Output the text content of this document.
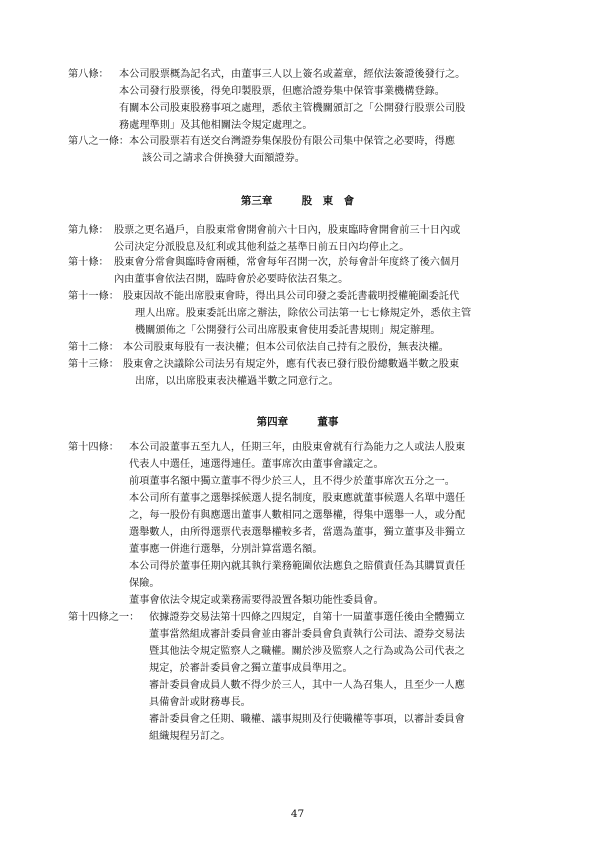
第八條： 本公司股票概為記名式，由董事三人以上簽名或蓋章，經依法簽證後發行之。
本公司發行股票後，得免印製股票，但應洽證券集中保管事業機構登錄。
有關本公司股東股務事項之處理，悉依主管機關頒訂之「公開發行股票公司股
務處理準則」及其他相關法令規定處理之。
第八之一條： 本公司股票若有送交台灣證券集保股份有限公司集中保管之必要時，得應
該公司之請求合併換發大面額證券。
第三章	股　東　會
第九條： 股票之更名過戶，自股東常會開會前六十日內，股東臨時會開會前三十日內或
公司決定分派股息及紅利或其他利益之基準日前五日內均停止之。
第十條： 股東會分常會與臨時會兩種，常會每年召開一次，於每會計年度終了後六個月
內由董事會依法召開，臨時會於必要時依法召集之。
第十一條： 股東因故不能出席股東會時，得出具公司印發之委託書載明授權範圍委託代
理人出席。股東委託出席之辦法，除依公司法第一七七條規定外，悉依主管
機關頒佈之「公開發行公司出席股東會使用委託書規則」規定辦理。
第十二條： 本公司股東每股有一表決權；但本公司依法自己持有之股份，無表決權。
第十三條： 股東會之決議除公司法另有規定外，應有代表已發行股份總數過半數之股東
出席，以出席股東表決權過半數之同意行之。
第四章	董事
第十四條： 本公司設董事五至九人，任期三年，由股東會就有行為能力之人或法人股東
代表人中選任，連選得連任。董事席次由董事會議定之。
前項董事名額中獨立董事不得少於三人，且不得少於董事席次五分之一。
本公司所有董事之選舉採候選人提名制度，股東應就董事候選人名單中選任
之，每一股份有與應選出董事人數相同之選舉權，得集中選舉一人，或分配
選舉數人，由所得選票代表選舉權較多者，當選為董事，獨立董事及非獨立
董事應一併進行選舉，分別計算當選名額。
本公司得於董事任期內就其執行業務範圍依法應負之賠償責任為其購買責任
保險。
董事會依法令規定或業務需要得設置各類功能性委員會。
第十四條之一： 依據證券交易法第十四條之四規定，自第十一屆董事選任後由全體獨立
董事當然組成審計委員會並由審計委員會負責執行公司法、證券交易法
暨其他法令規定監察人之職權。關於涉及監察人之行為或為公司代表之
規定，於審計委員會之獨立董事成員準用之。
審計委員會成員人數不得少於三人，其中一人為召集人，且至少一人應
具備會計或財務專長。
審計委員會之任期、職權、議事規則及行使職權等事項，以審計委員會
組織規程另訂之。
47
